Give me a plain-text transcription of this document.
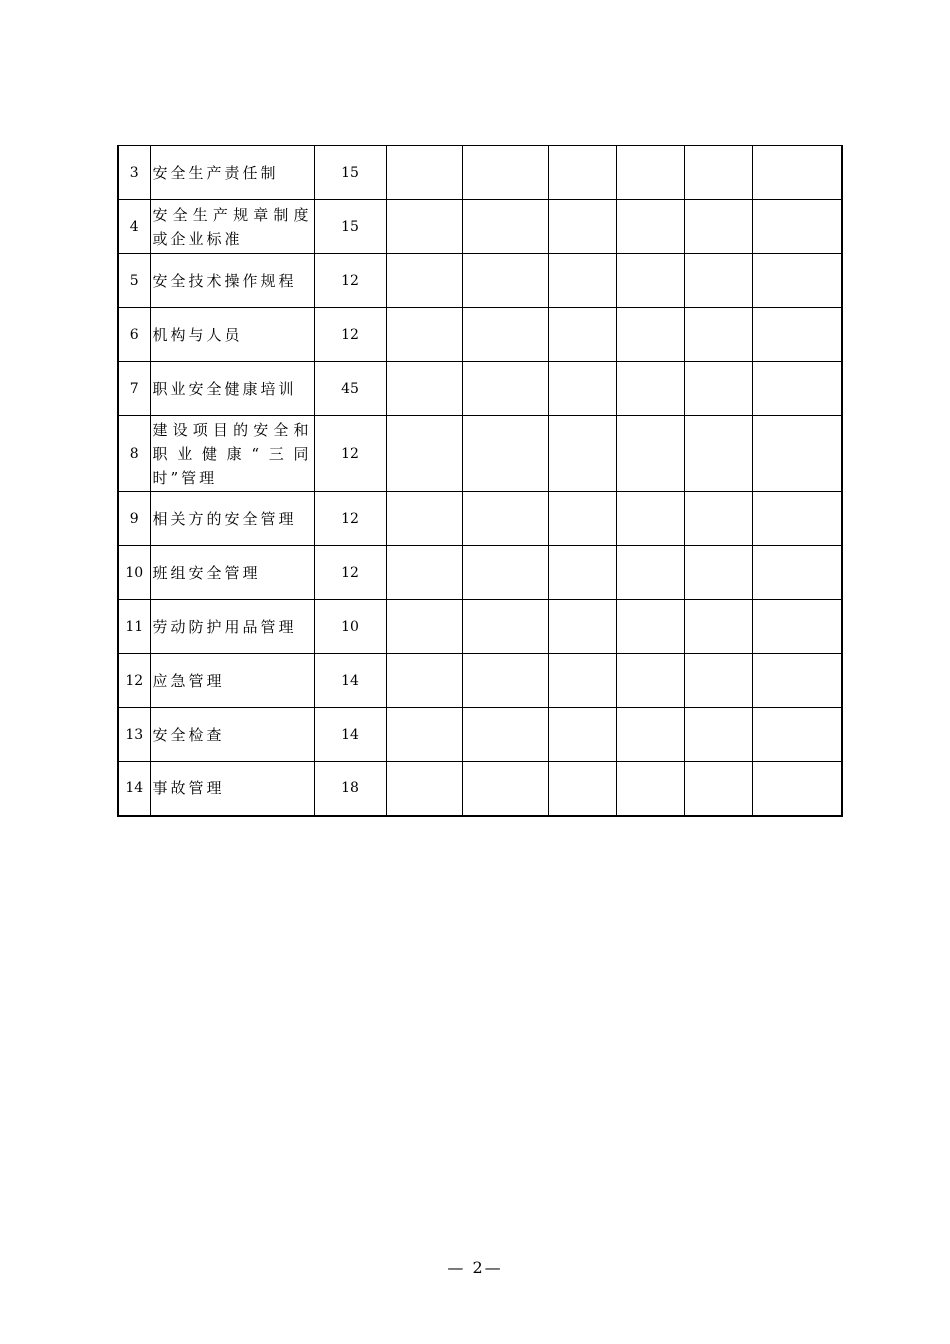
3	安全生产责任制	15						
4	安全生产规章制度或企业标准	15						
5	安全技术操作规程	12						
6	机构与人员	12						
7	职业安全健康培训	45						
8	建设项目的安全和职业健康“三同时”管理	12						
9	相关方的安全管理	12						
10	班组安全管理	12						
11	劳动防护用品管理	10						
12	应急管理	14						
13	安全检查	14						
14	事故管理	18						
— 2—
